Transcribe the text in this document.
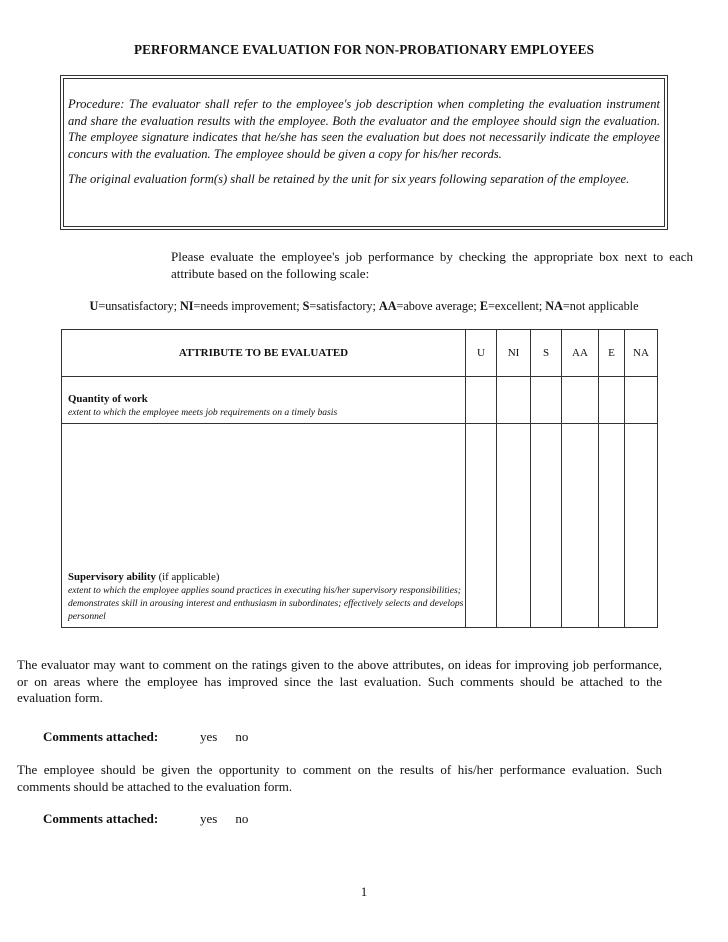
PERFORMANCE EVALUATION FOR NON-PROBATIONARY EMPLOYEES

Procedure: The evaluator shall refer to the employee's job description when completing the evaluation instrument and share the evaluation results with the employee. Both the evaluator and the employee should sign the evaluation. The employee signature indicates that he/she has seen the evaluation but does not necessarily indicate the employee concurs with the evaluation. The employee should be given a copy for his/her records.

The original evaluation form(s) shall be retained by the unit for six years following separation of the employee.

Please evaluate the employee's job performance by checking the appropriate box next to each attribute based on the following scale:
U=unsatisfactory; NI=needs improvement; S=satisfactory; AA=above average; E=excellent; NA=not applicable
ATTRIBUTE TO BE EVALUATED	U	NI	S	AA	E	NA

Quantity of work
extent to which the employee meets job requirements on a timely basis						

Supervisory ability (if applicable)
extent to which the employee applies sound practices in executing his/her supervisory responsibilities; demonstrates skill in arousing interest and enthusiasm in subordinates; effectively selects and develops personnel						

The evaluator may want to comment on the ratings given to the above attributes, on ideas for improving job performance, or on areas where the employee has improved since the last evaluation. Such comments should be attached to the evaluation form.
Comments attached:	yes no
The employee should be given the opportunity to comment on the results of his/her performance evaluation. Such comments should be attached to the evaluation form.
Comments attached:	yes no
1
